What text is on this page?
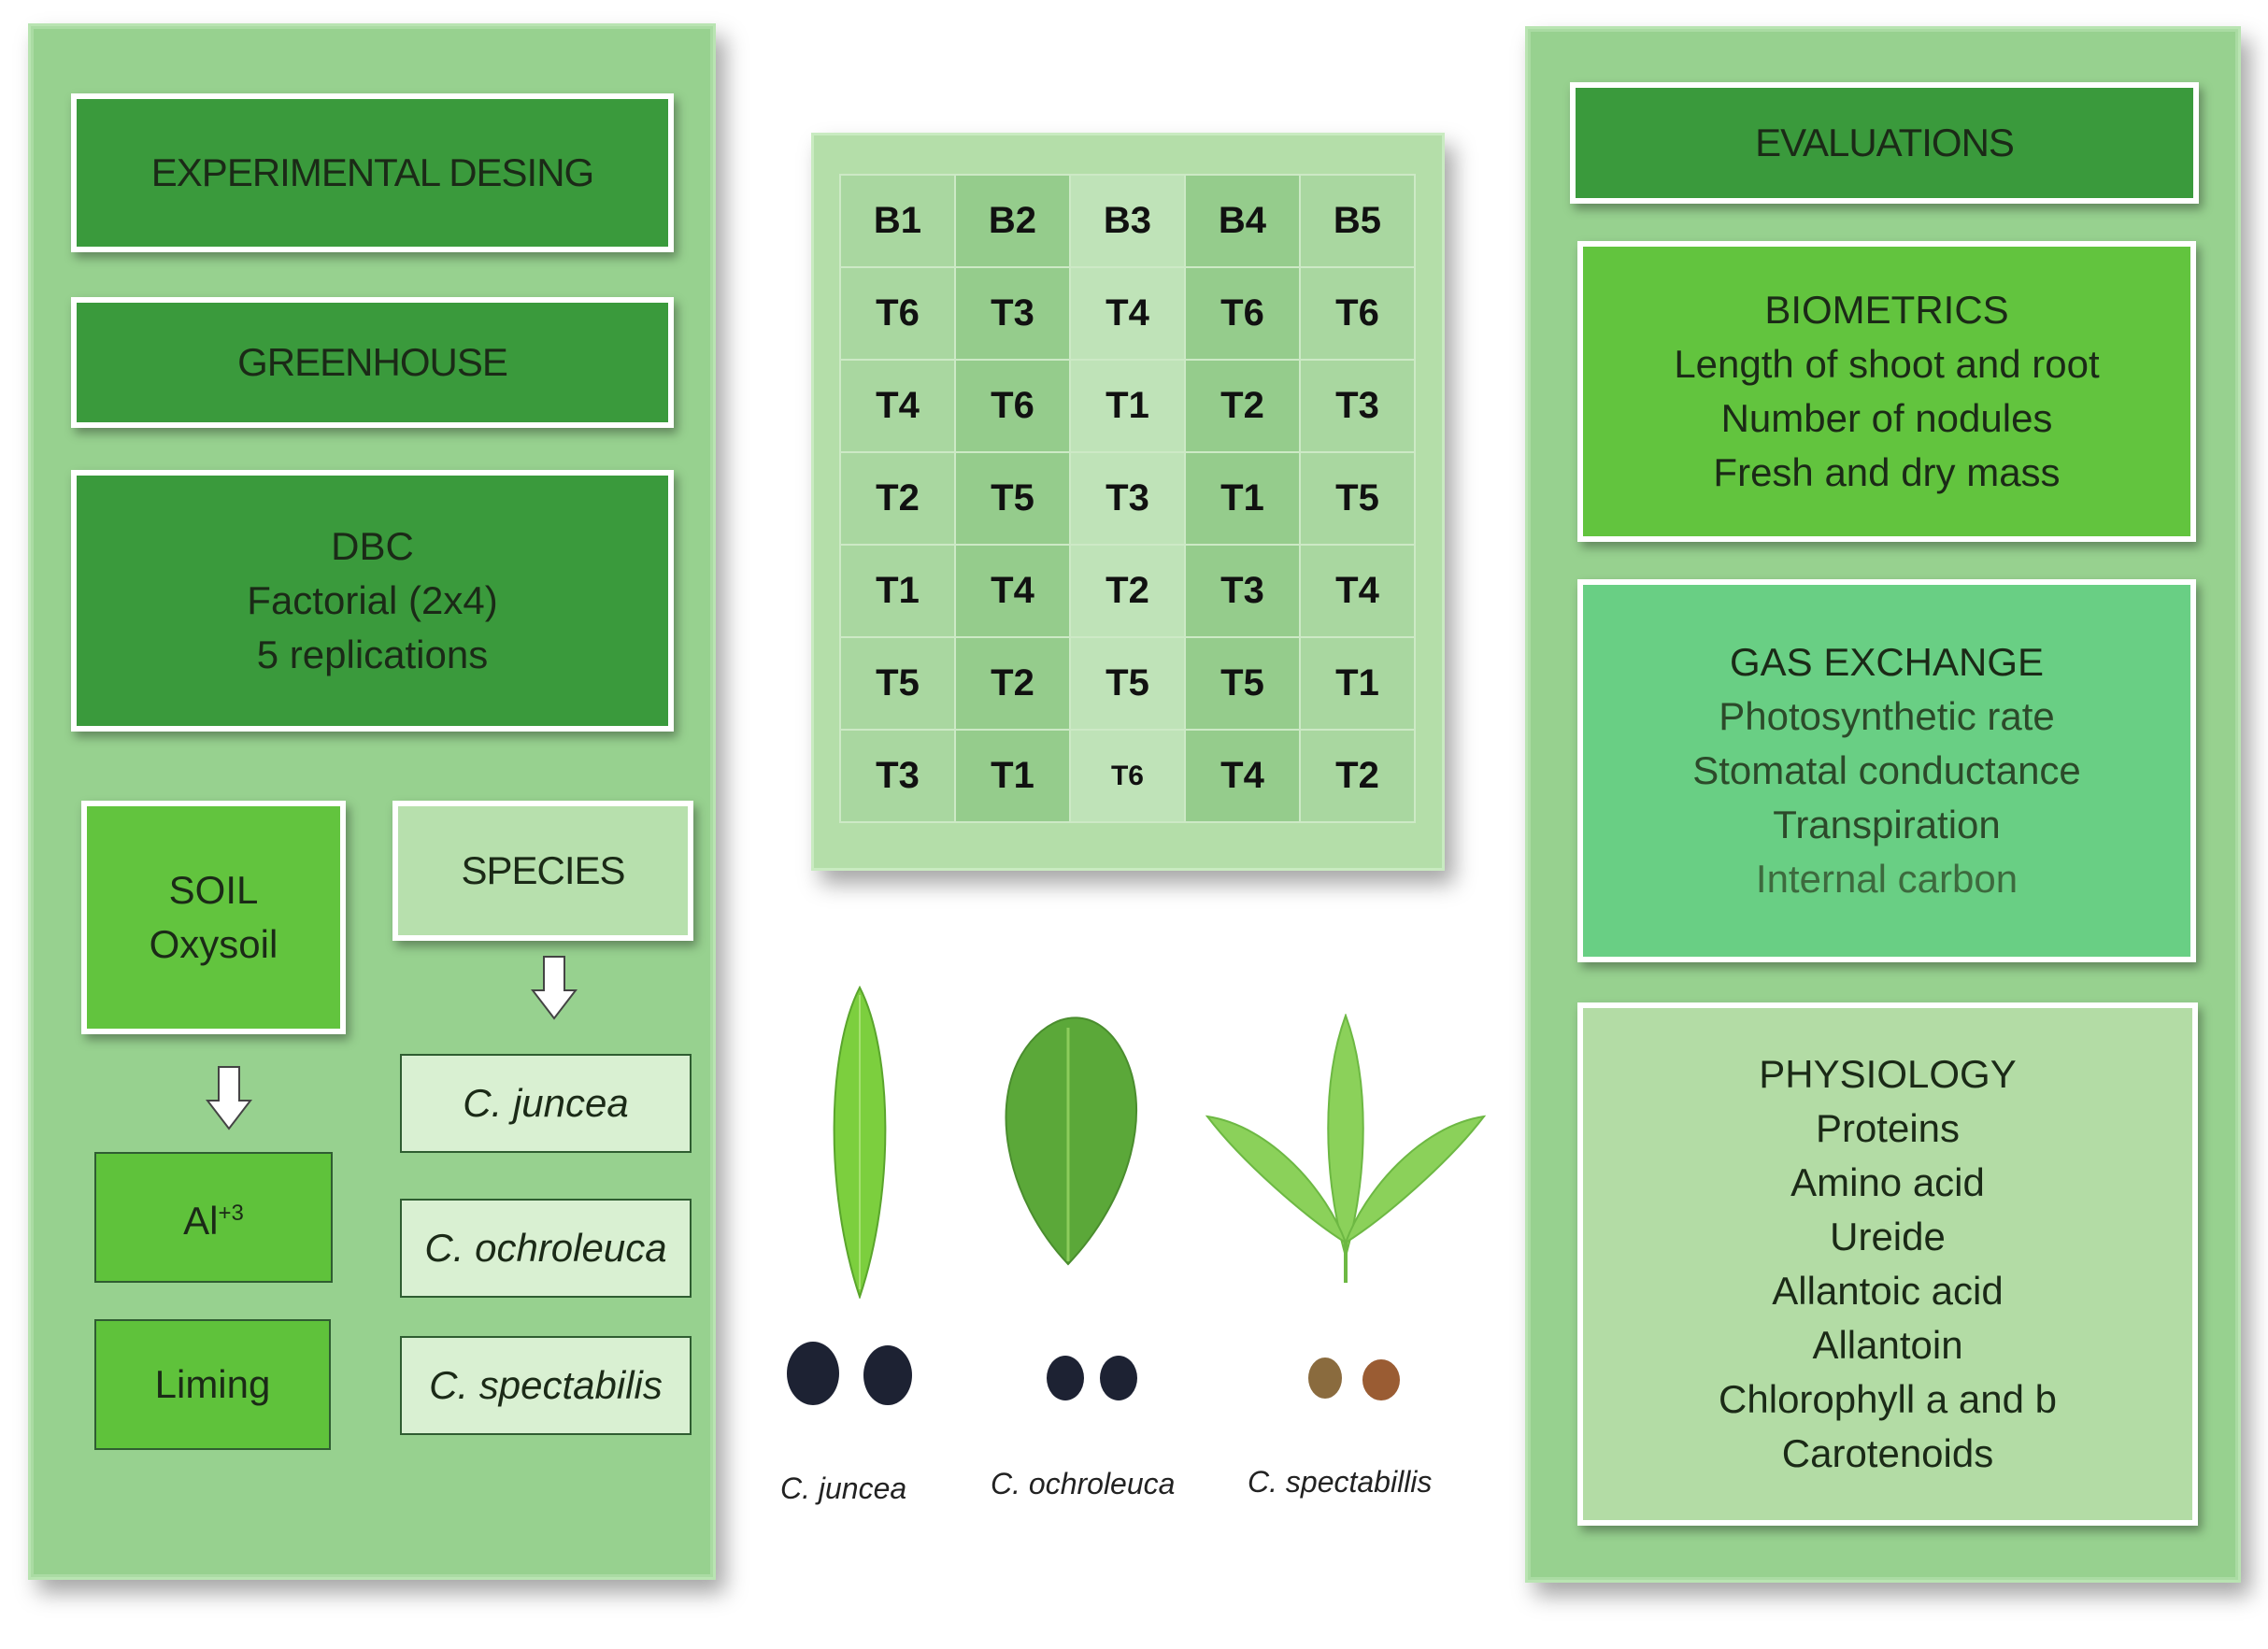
EXPERIMENTAL DESING
GREENHOUSE
DBC
Factorial (2x4)
5 replications
SOIL
Oxysoil
SPECIES
$Al^{+3}$
Liming
C. juncea
C. ochroleuca
C. spectabilis
B1	B2	B3	B4	B5
T6	T3	T4	T6	T6
T4	T6	T1	T2	T3
T2	T5	T3	T1	T5
T1	T4	T2	T3	T4
T5	T2	T5	T5	T1
T3	T1	T6	T4	T2
C. juncea	C. ochroleuca C. spectabillis
EVALUATIONS
BIOMETRICS
Length of shoot and root
Number of nodules
Fresh and dry mass
GAS EXCHANGE
Photosynthetic rate
Stomatal conductance
Transpiration
Internal carbon
PHYSIOLOGY
Proteins
Amino acid
Ureide
Allantoic acid
Allantoin
Chlorophyll a and b
Carotenoids
